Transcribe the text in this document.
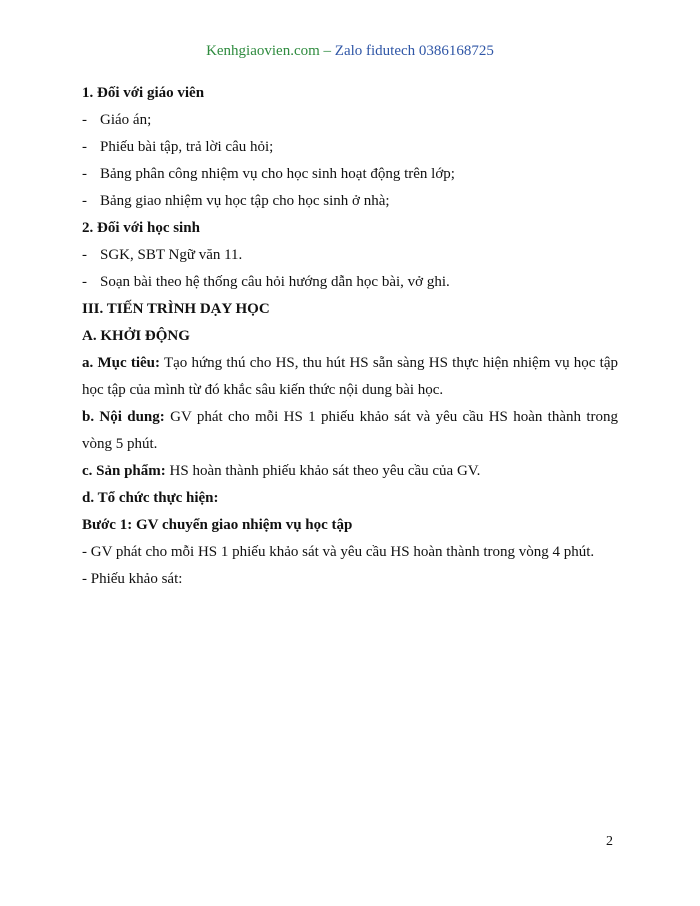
Kenhgiaovien.com – Zalo fidutech 0386168725

1. Đối với giáo viên

- Giáo án;
- Phiếu bài tập, trả lời câu hỏi;
- Bảng phân công nhiệm vụ cho học sinh hoạt động trên lớp;
- Bảng giao nhiệm vụ học tập cho học sinh ở nhà;

2. Đối với học sinh

- SGK, SBT Ngữ văn 11.
- Soạn bài theo hệ thống câu hỏi hướng dẫn học bài, vở ghi.

III. TIẾN TRÌNH DẠY HỌC

A. KHỞI ĐỘNG

a. Mục tiêu: Tạo hứng thú cho HS, thu hút HS sẵn sàng HS thực hiện nhiệm vụ học tập học tập của mình từ đó khắc sâu kiến thức nội dung bài học.

b. Nội dung: GV phát cho mỗi HS 1 phiếu khảo sát và yêu cầu HS hoàn thành trong vòng 5 phút.

c. Sản phẩm: HS hoàn thành phiếu khảo sát theo yêu cầu của GV.

d. Tổ chức thực hiện:

Bước 1: GV chuyển giao nhiệm vụ học tập

- GV phát cho mỗi HS 1 phiếu khảo sát và yêu cầu HS hoàn thành trong vòng 4 phút.

- Phiếu khảo sát:

2
